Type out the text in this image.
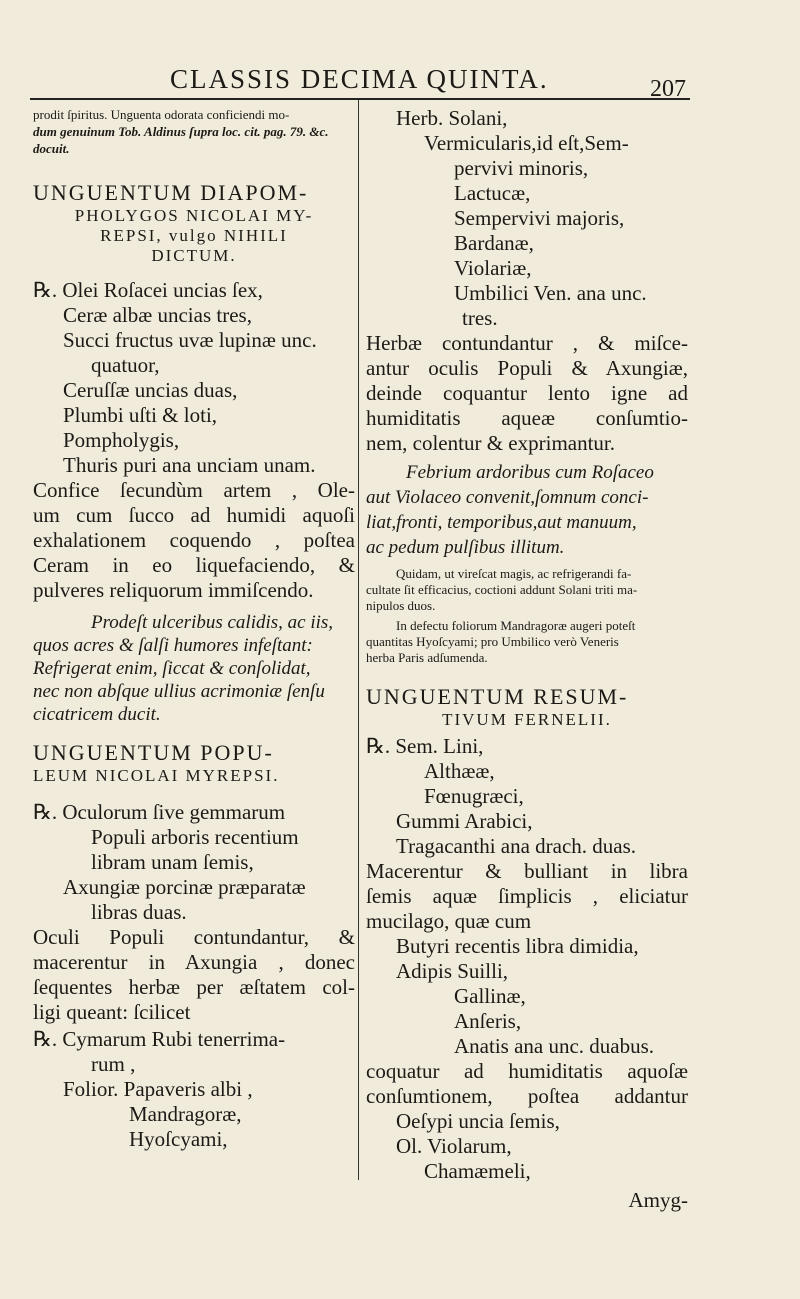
CLASSIS DECIMA QUINTA.	207

prodit ſpiritus. Unguenta odorata conficiendi mo-

dum genuinum Tob. Aldinus ſupra loc. cit. pag. 79. &c.

docuit.

UNGUENTUM DIAPOM-

PHOLYGOS NICOLAI MY-

REPSI, vulgo NIHILI

DICTUM.

℞. Olei Roſacei uncias ſex,

Ceræ albæ uncias tres,

Succi fructus uvæ lupinæ unc.

quatuor,

Ceruſſæ uncias duas,

Plumbi uſti & loti,

Pompholygis,

Thuris puri ana unciam unam.

Confice ſecundùm artem , Ole-

um cum ſucco ad humidi aquoſi

exhalationem coquendo , poſtea

Ceram in eo liquefaciendo, &

pulveres reliquorum immiſcendo.

Prodeſt ulceribus calidis, ac iis,

quos acres & ſalſi humores infeſtant:

Refrigerat enim, ſiccat & conſolidat,

nec non abſque ullius acrimoniæ ſenſu

cicatricem ducit.

UNGUENTUM POPU-

LEUM NICOLAI MYREPSI.

℞. Oculorum ſive gemmarum

Populi arboris recentium

libram unam ſemis,

Axungiæ porcinæ præparatæ

libras duas.

Oculi Populi contundantur, &

macerentur in Axungia , donec

ſequentes herbæ per æſtatem col-

ligi queant: ſcilicet

℞. Cymarum Rubi tenerrima-

rum ,

Folior. Papaveris albi ,

Mandragoræ,

Hyoſcyami,

Herb. Solani,

Vermicularis,id eſt,Sem-

pervivi minoris,

Lactucæ,

Sempervivi majoris,

Bardanæ,

Violariæ,

Umbilici Ven. ana unc.

tres.

Herbæ contundantur , & miſce-

antur oculis Populi & Axungiæ,

deinde coquantur lento igne ad

humiditatis aqueæ conſumtio-

nem, colentur & exprimantur.

Febrium ardoribus cum Roſaceo

aut Violaceo convenit,ſomnum conci-

liat,fronti, temporibus,aut manuum,

ac pedum pulſibus illitum.

Quidam, ut vireſcat magis, ac refrigerandi fa-

cultate ſit efficacius, coctioni addunt Solani triti ma-

nipulos duos.

In defectu foliorum Mandragoræ augeri poteſt

quantitas Hyoſcyami; pro Umbilico verò Veneris

herba Paris adſumenda.

UNGUENTUM RESUM-

TIVUM FERNELII.

℞. Sem. Lini,

Althææ,

Fœnugræci,

Gummi Arabici,

Tragacanthi ana drach. duas.

Macerentur & bulliant in libra

ſemis aquæ ſimplicis , eliciatur

mucilago, quæ cum

Butyri recentis libra dimidia,

Adipis Suilli,

Gallinæ,

Anſeris,

Anatis ana unc. duabus.

coquatur ad humiditatis aquoſæ

conſumtionem, poſtea addantur

Oeſypi uncia ſemis,

Ol. Violarum,

Chamæmeli,

Amyg-
